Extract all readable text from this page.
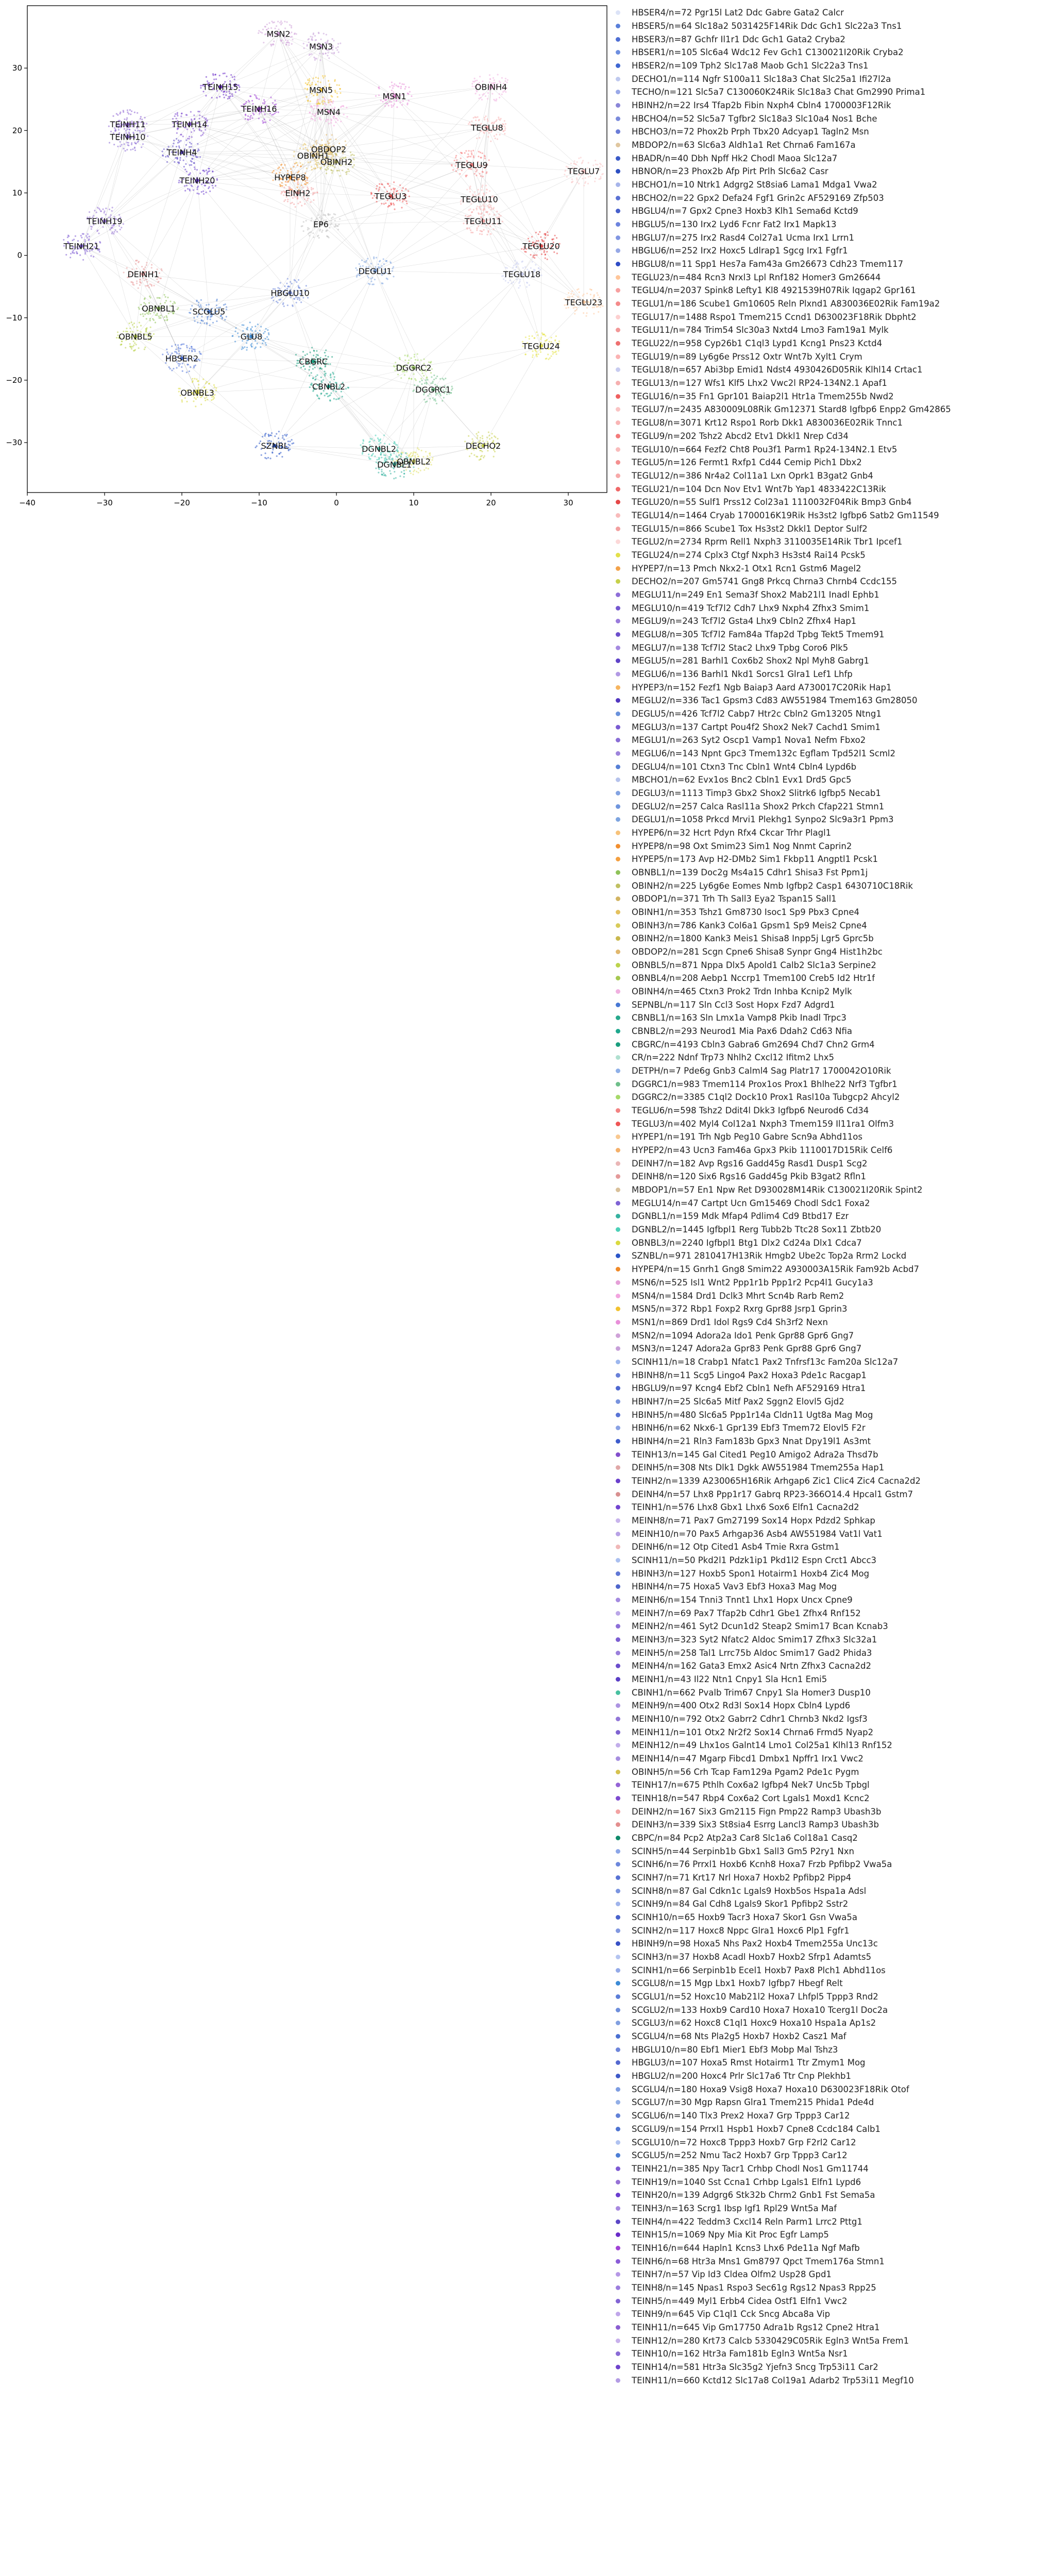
MSN2
MSN3
OBINH4
TEINH15	MSN5
MSN1
TEINH16	MSN4
TEINH11	TEINH14
TEINH10
TEGLU8
TEINH4	OBDOP2
OBINH2
HYPEP8
OBINH1
TEGLU9
TEGLU7
TEINH20
EINH2	TEGLU3	TEGLU10
TEINH19	EP6	TEGLU11
TEINH21	TEGLU20
DEINH1	DEGLU1	TEGLU18
HBGLU10
OBNBL1 SCGLU5
TEGLU23
OBNBL5	GLU8
TEGLU24
HBSER2	CBGRC
DGGRC2
CBNBL2
OBNBL3	DGGRC1
SZNBL	DGNBL2	DECHO2
DGNBL1
OBNBL2
−40	−30	−20	−10	0	10	20	30
−30
−20
−10
0
10
20
30
HBSER4/n=72 Pgr15l Lat2 Ddc Gabre Gata2 Calcr
HBSER5/n=64 Slc18a2 5031425F14Rik Ddc Gch1 Slc22a3 Tns1
HBSER3/n=87 Gchfr Il1r1 Ddc Gch1 Gata2 Cryba2
HBSER1/n=105 Slc6a4 Wdc12 Fev Gch1 C130021I20Rik Cryba2
HBSER2/n=109 Tph2 Slc17a8 Maob Gch1 Slc22a3 Tns1
DECHO1/n=114 Ngfr S100a11 Slc18a3 Chat Slc25a1 Ifi27l2a
TECHO/n=121 Slc5a7 C130060K24Rik Slc18a3 Chat Gm2990 Prima1
HBINH2/n=22 Irs4 Tfap2b Fibin Nxph4 Cbln4 1700003F12Rik
HBCHO4/n=52 Slc5a7 Tgfbr2 Slc18a3 Slc10a4 Nos1 Bche
HBCHO3/n=72 Phox2b Prph Tbx20 Adcyap1 Tagln2 Msn
MBDOP2/n=63 Slc6a3 Aldh1a1 Ret Chrna6 Fam167a
HBADR/n=40 Dbh Npff Hk2 Chodl Maoa Slc12a7
HBNOR/n=23 Phox2b Afp Pirt Prlh Slc6a2 Casr
HBCHO1/n=10 Ntrk1 Adgrg2 St8sia6 Lama1 Mdga1 Vwa2
HBCHO2/n=22 Gpx2 Defa24 Fgf1 Grin2c AF529169 Zfp503
HBGLU4/n=7 Gpx2 Cpne3 Hoxb3 Klh1 Sema6d Kctd9
HBGLU5/n=130 Irx2 Lyd6 Fcnr Fat2 Irx1 Mapk13
HBGLU7/n=275 Irx2 Rasd4 Col27a1 Ucma Irx1 Lrrn1
HBGLU6/n=252 Irx2 Hoxc5 Ldlrap1 Sgcg Irx1 Fgfr1
HBGLU8/n=11 Spp1 Hes7a Fam43a Gm26673 Cdh23 Tmem117
TEGLU23/n=484 Rcn3 Nrxl3 Lpl Rnf182 Homer3 Gm26644
TEGLU4/n=2037 Spink8 Lefty1 Kl8 4921539H07Rik Iqgap2 Gpr161
TEGLU1/n=186 Scube1 Gm10605 Reln Plxnd1 A830036E02Rik Fam19a2
TEGLU17/n=1488 Rspo1 Tmem215 Ccnd1 D630023F18Rik Dbpht2
TEGLU11/n=784 Trim54 Slc30a3 Nxtd4 Lmo3 Fam19a1 Mylk
TEGLU22/n=958 Cyp26b1 C1ql3 Lypd1 Kcng1 Pns23 Kctd4
TEGLU19/n=89 Ly6g6e Prss12 Oxtr Wnt7b Xylt1 Crym
TEGLU18/n=657 Abi3bp Emid1 Ndst4 4930426D05Rik Klhl14 Crtac1
TEGLU13/n=127 Wfs1 Klf5 Lhx2 Vwc2l RP24-134N2.1 Apaf1
TEGLU16/n=35 Fn1 Gpr101 Baiap2l1 Htr1a Tmem255b Nwd2
TEGLU7/n=2435 A830009L08Rik Gm12371 Stard8 Igfbp6 Enpp2 Gm42865
TEGLU8/n=3071 Krt12 Rspo1 Rorb Dkk1 A830036E02Rik Tnnc1
TEGLU9/n=202 Tshz2 Abcd2 Etv1 Dkkl1 Nrep Cd34
TEGLU10/n=664 Fezf2 Cht8 Pou3f1 Parm1 Rp24-134N2.1 Etv5
TEGLU5/n=126 Fermt1 Rxfp1 Cd44 Cemip Pich1 Dbx2
TEGLU12/n=386 Nr4a2 Col11a1 Lxn Oprk1 B3gat2 Gnb4
TEGLU21/n=104 Dcn Nov Etv1 Wnt7b Yap1 4833422C13Rik
TEGLU20/n=55 Sulf1 Prss12 Col23a1 1110032F04Rik Bmp3 Gnb4
TEGLU14/n=1464 Cryab 1700016K19Rik Hs3st2 Igfbp6 Satb2 Gm11549
TEGLU15/n=866 Scube1 Tox Hs3st2 Dkkl1 Deptor Sulf2
TEGLU2/n=2734 Rprm Rell1 Nxph3 3110035E14Rik Tbr1 Ipcef1
TEGLU24/n=274 Cplx3 Ctgf Nxph3 Hs3st4 Rai14 Pcsk5
HYPEP7/n=13 Pmch Nkx2-1 Otx1 Rcn1 Gstm6 Magel2
DECHO2/n=207 Gm5741 Gng8 Prkcq Chrna3 Chrnb4 Ccdc155
MEGLU11/n=249 En1 Sema3f Shox2 Mab21l1 Inadl Ephb1
MEGLU10/n=419 Tcf7l2 Cdh7 Lhx9 Nxph4 Zfhx3 Smim1
MEGLU9/n=243 Tcf7l2 Gsta4 Lhx9 Cbln2 Zfhx4 Hap1
MEGLU8/n=305 Tcf7l2 Fam84a Tfap2d Tpbg Tekt5 Tmem91
MEGLU7/n=138 Tcf7l2 Stac2 Lhx9 Tpbg Coro6 Plk5
MEGLU5/n=281 Barhl1 Cox6b2 Shox2 Npl Myh8 Gabrg1
MEGLU6/n=136 Barhl1 Nkd1 Sorcs1 Glra1 Lef1 Lhfp
HYPEP3/n=152 Fezf1 Ngb Baiap3 Aard A730017C20Rik Hap1
MEGLU2/n=336 Tac1 Gpsm3 Cd83 AW551984 Tmem163 Gm28050
DEGLU5/n=426 Tcf7l2 Cabp7 Htr2c Cbln2 Gm13205 Ntng1
MEGLU3/n=137 Cartpt Pou4f2 Shox2 Nek7 Cachd1 Smim1
MEGLU1/n=263 Syt2 Oscp1 Vamp1 Nova1 Nefm Fbxo2
MEGLU6/n=143 Npnt Gpc3 Tmem132c Egflam Tpd52l1 Scml2
DEGLU4/n=101 Ctxn3 Tnc Cbln1 Wnt4 Cbln4 Lypd6b
MBCHO1/n=62 Evx1os Bnc2 Cbln1 Evx1 Drd5 Gpc5
DEGLU3/n=1113 Timp3 Gbx2 Shox2 Slitrk6 Igfbp5 Necab1
DEGLU2/n=257 Calca Rasl11a Shox2 Prkch Cfap221 Stmn1
DEGLU1/n=1058 Prkcd Mrvi1 Plekhg1 Synpo2 Slc9a3r1 Ppm3
HYPEP6/n=32 Hcrt Pdyn Rfx4 Ckcar Trhr Plagl1
HYPEP8/n=98 Oxt Smim23 Sim1 Nog Nnmt Caprin2
HYPEP5/n=173 Avp H2-DMb2 Sim1 Fkbp11 Angptl1 Pcsk1
OBNBL1/n=139 Doc2g Ms4a15 Cdhr1 Shisa3 Fst Ppm1j
OBINH2/n=225 Ly6g6e Eomes Nmb Igfbp2 Casp1 6430710C18Rik
OBDOP1/n=371 Trh Th Sall3 Eya2 Tspan15 Sall1
OBINH1/n=353 Tshz1 Gm8730 Isoc1 Sp9 Pbx3 Cpne4
OBINH3/n=786 Kank3 Col6a1 Gpsm1 Sp9 Meis2 Cpne4
OBINH2/n=1800 Kank3 Meis1 Shisa8 Inpp5j Lgr5 Gprc5b
OBDOP2/n=281 Scgn Cpne6 Shisa8 Synpr Gng4 Hist1h2bc
OBNBL5/n=871 Nppa Dlx5 Apold1 Calb2 Slc1a3 Serpine2
OBNBL4/n=208 Aebp1 Nccrp1 Tmem100 Creb5 Id2 Htr1f
OBINH4/n=465 Ctxn3 Prok2 Trdn Inhba Kcnip2 Mylk
SEPNBL/n=117 Sln Ccl3 Sost Hopx Fzd7 Adgrd1
CBNBL1/n=163 Sln Lmx1a Vamp8 Pkib Inadl Trpc3
CBNBL2/n=293 Neurod1 Mia Pax6 Ddah2 Cd63 Nfia
CBGRC/n=4193 Cbln3 Gabra6 Gm2694 Chd7 Chn2 Grm4
CR/n=222 Ndnf Trp73 Nhlh2 Cxcl12 Ifitm2 Lhx5
DETPH/n=7 Pde6g Gnb3 Calml4 Sag Platr17 1700042O10Rik
DGGRC1/n=983 Tmem114 Prox1os Prox1 Bhlhe22 Nrf3 Tgfbr1
DGGRC2/n=3385 C1ql2 Dock10 Prox1 Rasl10a Tubgcp2 Ahcyl2
TEGLU6/n=598 Tshz2 Ddit4l Dkk3 Igfbp6 Neurod6 Cd34
TEGLU3/n=402 Myl4 Col12a1 Nxph3 Tmem159 Il11ra1 Olfm3
HYPEP1/n=191 Trh Ngb Peg10 Gabre Scn9a Abhd11os
HYPEP2/n=43 Ucn3 Fam46a Gpx3 Pkib 1110017D15Rik Celf6
DEINH7/n=182 Avp Rgs16 Gadd45g Rasd1 Dusp1 Scg2
DEINH8/n=120 Six6 Rgs16 Gadd45g Pkib B3gat2 Rfln1
MBDOP1/n=57 En1 Npw Ret D930028M14Rik C130021I20Rik Spint2
MEGLU14/n=47 Cartpt Ucn Gm15469 Chodl Sdc1 Foxa2
DGNBL1/n=159 Mdk Mfap4 Pdlim4 Cd9 Btbd17 Ezr
DGNBL2/n=1445 Igfbpl1 Rerg Tubb2b Ttc28 Sox11 Zbtb20
OBNBL3/n=2240 Igfbpl1 Btg1 Dlx2 Cd24a Dlx1 Cdca7
SZNBL/n=971 2810417H13Rik Hmgb2 Ube2c Top2a Rrm2 Lockd
HYPEP4/n=15 Gnrh1 Gng8 Smim22 A930003A15Rik Fam92b Acbd7
MSN6/n=525 Isl1 Wnt2 Ppp1r1b Ppp1r2 Pcp4l1 Gucy1a3
MSN4/n=1584 Drd1 Dclk3 Mhrt Scn4b Rarb Rem2
MSN5/n=372 Rbp1 Foxp2 Rxrg Gpr88 Jsrp1 Gprin3
MSN1/n=869 Drd1 Idol Rgs9 Cd4 Sh3rf2 Nexn
MSN2/n=1094 Adora2a Ido1 Penk Gpr88 Gpr6 Gng7
MSN3/n=1247 Adora2a Gpr83 Penk Gpr88 Gpr6 Gng7
SCINH11/n=18 Crabp1 Nfatc1 Pax2 Tnfrsf13c Fam20a Slc12a7
HBINH8/n=11 Scg5 Lingo4 Pax2 Hoxa3 Pde1c Racgap1
HBGLU9/n=97 Kcng4 Ebf2 Cbln1 Nefh AF529169 Htra1
HBINH7/n=25 Slc6a5 Mitf Pax2 Sggn2 Elovl5 Gjd2
HBINH5/n=480 Slc6a5 Ppp1r14a Cldn11 Ugt8a Mag Mog
HBINH6/n=62 Nkx6-1 Gpr139 Ebf3 Tmem72 Elovl5 F2r
HBINH4/n=21 Rln3 Fam183b Gpx3 Nnat Dpy19l1 As3mt
TEINH13/n=145 Gal Cited1 Peg10 Amigo2 Adra2a Thsd7b
DEINH5/n=308 Nts Dlk1 Dgkk AW551984 Tmem255a Hap1
TEINH2/n=1339 A230065H16Rik Arhgap6 Zic1 Clic4 Zic4 Cacna2d2
DEINH4/n=57 Lhx8 Ppp1r17 Gabrq RP23-366O14.4 Hpcal1 Gstm7
TEINH1/n=576 Lhx8 Gbx1 Lhx6 Sox6 Elfn1 Cacna2d2
MEINH8/n=71 Pax7 Gm27199 Sox14 Hopx Pdzd2 Sphkap
MEINH10/n=70 Pax5 Arhgap36 Asb4 AW551984 Vat1l Vat1
DEINH6/n=12 Otp Cited1 Asb4 Tmie Rxra Gstm1
SCINH11/n=50 Pkd2l1 Pdzk1ip1 Pkd1l2 Espn Crct1 Abcc3
HBINH3/n=127 Hoxb5 Spon1 Hotairm1 Hoxb4 Zic4 Mog
HBINH4/n=75 Hoxa5 Vav3 Ebf3 Hoxa3 Mag Mog
MEINH6/n=154 Tnni3 Tnnt1 Lhx1 Hopx Uncx Cpne9
MEINH7/n=69 Pax7 Tfap2b Cdhr1 Gbe1 Zfhx4 Rnf152
MEINH2/n=461 Syt2 Dcun1d2 Steap2 Smim17 Bcan Kcnab3
MEINH3/n=323 Syt2 Nfatc2 Aldoc Smim17 Zfhx3 Slc32a1
MEINH5/n=258 Tal1 Lrrc75b Aldoc Smim17 Gad2 Phida3
MEINH4/n=162 Gata3 Emx2 Asic4 Nrtn Zfhx3 Cacna2d2
MEINH1/n=43 Il22 Ntn1 Cnpy1 Sla Hcn1 Emi5
CBINH1/n=662 Pvalb Trim67 Cnpy1 Sla Homer3 Dusp10
MEINH9/n=400 Otx2 Rd3l Sox14 Hopx Cbln4 Lypd6
MEINH10/n=792 Otx2 Gabrr2 Cdhr1 Chrnb3 Nkd2 Igsf3
MEINH11/n=101 Otx2 Nr2f2 Sox14 Chrna6 Frmd5 Nyap2
MEINH12/n=49 Lhx1os Galnt14 Lmo1 Col25a1 Klhl13 Rnf152
MEINH14/n=47 Mgarp Fibcd1 Dmbx1 Npffr1 Irx1 Vwc2
OBINH5/n=56 Crh Tcap Fam129a Pgam2 Pde1c Pygm
TEINH17/n=675 Pthlh Cox6a2 Igfbp4 Nek7 Unc5b Tpbgl
TEINH18/n=547 Rbp4 Cox6a2 Cort Lgals1 Moxd1 Kcnc2
DEINH2/n=167 Six3 Gm2115 Fign Pmp22 Ramp3 Ubash3b
DEINH3/n=339 Six3 St8sia4 Esrrg Lancl3 Ramp3 Ubash3b
CBPC/n=84 Pcp2 Atp2a3 Car8 Slc1a6 Col18a1 Casq2
SCINH5/n=44 Serpinb1b Gbx1 Sall3 Gm5 P2ry1 Nxn
SCINH6/n=76 Prrxl1 Hoxb6 Kcnh8 Hoxa7 Frzb Ppfibp2 Vwa5a
SCINH7/n=71 Krt17 Nrl Hoxa7 Hoxb2 Ppfibp2 Pipp4
SCINH8/n=87 Gal Cdkn1c Lgals9 Hoxb5os Hspa1a Adsl
SCINH9/n=84 Gal Cdh8 Lgals9 Skor1 Ppfibp2 Sstr2
SCINH10/n=65 Hoxb9 Tacr3 Hoxa7 Skor1 Gsn Vwa5a
SCINH2/n=117 Hoxc8 Nppc Glra1 Hoxc6 Plp1 Fgfr1
HBINH9/n=98 Hoxa5 Nhs Pax2 Hoxb4 Tmem255a Unc13c
SCINH3/n=37 Hoxb8 Acadl Hoxb7 Hoxb2 Sfrp1 Adamts5
SCINH1/n=66 Serpinb1b Ecel1 Hoxb7 Pax8 Plch1 Abhd11os
SCGLU8/n=15 Mgp Lbx1 Hoxb7 Igfbp7 Hbegf Relt
SCGLU1/n=52 Hoxc10 Mab21l2 Hoxa7 Lhfpl5 Tppp3 Rnd2
SCGLU2/n=133 Hoxb9 Card10 Hoxa7 Hoxa10 Tcerg1l Doc2a
SCGLU3/n=62 Hoxc8 C1ql1 Hoxc9 Hoxa10 Hspa1a Ap1s2
SCGLU4/n=68 Nts Pla2g5 Hoxb7 Hoxb2 Casz1 Maf
HBGLU10/n=80 Ebf1 Mier1 Ebf3 Mobp Mal Tshz3
HBGLU3/n=107 Hoxa5 Rmst Hotairm1 Ttr Zmym1 Mog
HBGLU2/n=200 Hoxc4 Prlr Slc17a6 Ttr Cnp Plekhb1
SCGLU4/n=180 Hoxa9 Vsig8 Hoxa7 Hoxa10 D630023F18Rik Otof
SCGLU7/n=30 Mgp Rapsn Glra1 Tmem215 Phida1 Pde4d
SCGLU6/n=140 Tlx3 Prex2 Hoxa7 Grp Tppp3 Car12
SCGLU9/n=154 Prrxl1 Hspb1 Hoxb7 Cpne8 Ccdc184 Calb1
SCGLU10/n=72 Hoxc8 Tppp3 Hoxb7 Grp F2rl2 Car12
SCGLU5/n=252 Nmu Tac2 Hoxb7 Grp Tppp3 Car12
TEINH21/n=385 Npy Tacr1 Crhbp Chodl Nos1 Gm11744
TEINH19/n=1040 Sst Ccna1 Crhbp Lgals1 Elfn1 Lypd6
TEINH20/n=139 Adgrg6 Stk32b Chrm2 Gnb1 Fst Sema5a
TEINH3/n=163 Scrg1 Ibsp Igf1 Rpl29 Wnt5a Maf
TEINH4/n=422 Teddm3 Cxcl14 Reln Parm1 Lrrc2 Pttg1
TEINH15/n=1069 Npy Mia Kit Proc Egfr Lamp5
TEINH16/n=644 Hapln1 Kcns3 Lhx6 Pde11a Ngf Mafb
TEINH6/n=68 Htr3a Mns1 Gm8797 Qpct Tmem176a Stmn1
TEINH7/n=57 Vip Id3 Cldea Olfm2 Usp28 Gpd1
TEINH8/n=145 Npas1 Rspo3 Sec61g Rgs12 Npas3 Rpp25
TEINH5/n=449 Myl1 Erbb4 Cidea Ostf1 Elfn1 Vwc2
TEINH9/n=645 Vip C1ql1 Cck Sncg Abca8a Vip
TEINH11/n=645 Vip Gm17750 Adra1b Rgs12 Cpne2 Htra1
TEINH12/n=280 Krt73 Calcb 5330429C05Rik Egln3 Wnt5a Frem1
TEINH10/n=162 Htr3a Fam181b Egln3 Wnt5a Nsr1
TEINH14/n=581 Htr3a Slc35g2 Yjefn3 Sncg Trp53i11 Car2
TEINH11/n=660 Kctd12 Slc17a8 Col19a1 Adarb2 Trp53i11 Megf10
